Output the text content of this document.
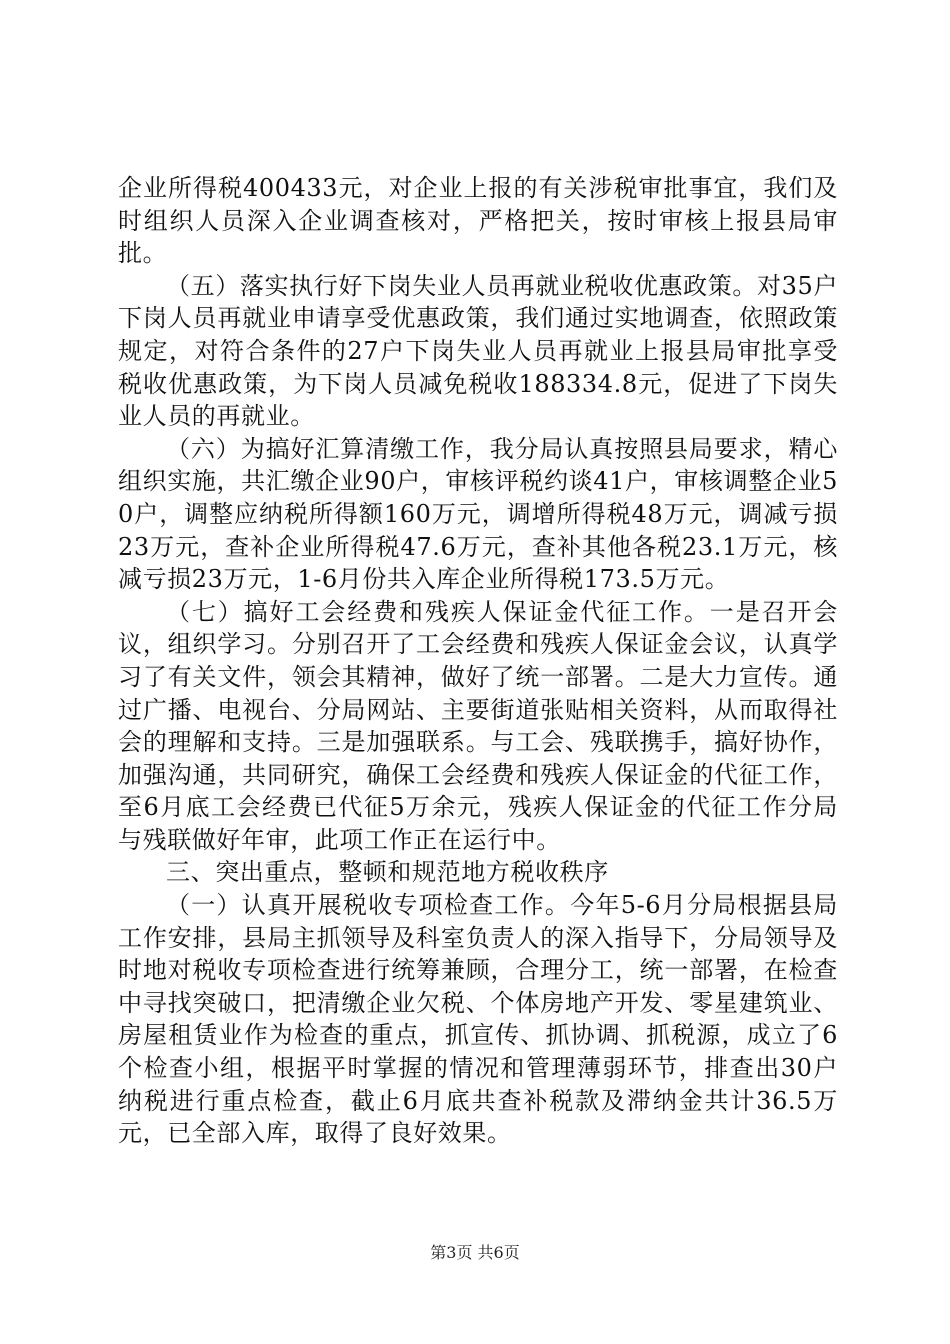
企业所得税400433元，对企业上报的有关涉税审批事宜，我们及时组织人员深入企业调查核对，严格把关，按时审核上报县局审批。

（五）落实执行好下岗失业人员再就业税收优惠政策。对35户下岗人员再就业申请享受优惠政策，我们通过实地调查，依照政策规定，对符合条件的27户下岗失业人员再就业上报县局审批享受税收优惠政策，为下岗人员减免税收188334.8元，促进了下岗失业人员的再就业。

（六）为搞好汇算清缴工作，我分局认真按照县局要求，精心组织实施，共汇缴企业90户，审核评税约谈41户，审核调整企业50户，调整应纳税所得额160万元，调增所得税48万元，调减亏损23万元，查补企业所得税47.6万元，查补其他各税23.1万元，核减亏损23万元，1-6月份共入库企业所得税173.5万元。

（七）搞好工会经费和残疾人保证金代征工作。一是召开会议，组织学习。分别召开了工会经费和残疾人保证金会议，认真学习了有关文件，领会其精神，做好了统一部署。二是大力宣传。通过广播、电视台、分局网站、主要街道张贴相关资料，从而取得社会的理解和支持。三是加强联系。与工会、残联携手，搞好协作，加强沟通，共同研究，确保工会经费和残疾人保证金的代征工作，至6月底工会经费已代征5万余元，残疾人保证金的代征工作分局与残联做好年审，此项工作正在运行中。

三、突出重点，整顿和规范地方税收秩序

（一）认真开展税收专项检查工作。今年5-6月分局根据县局工作安排，县局主抓领导及科室负责人的深入指导下，分局领导及时地对税收专项检查进行统筹兼顾，合理分工，统一部署，在检查中寻找突破口，把清缴企业欠税、个体房地产开发、零星建筑业、房屋租赁业作为检查的重点，抓宣传、抓协调、抓税源，成立了6个检查小组，根据平时掌握的情况和管理薄弱环节，排查出30户纳税进行重点检查，截止6月底共查补税款及滞纳金共计36.5万元，已全部入库，取得了良好效果。

第3页 共6页
